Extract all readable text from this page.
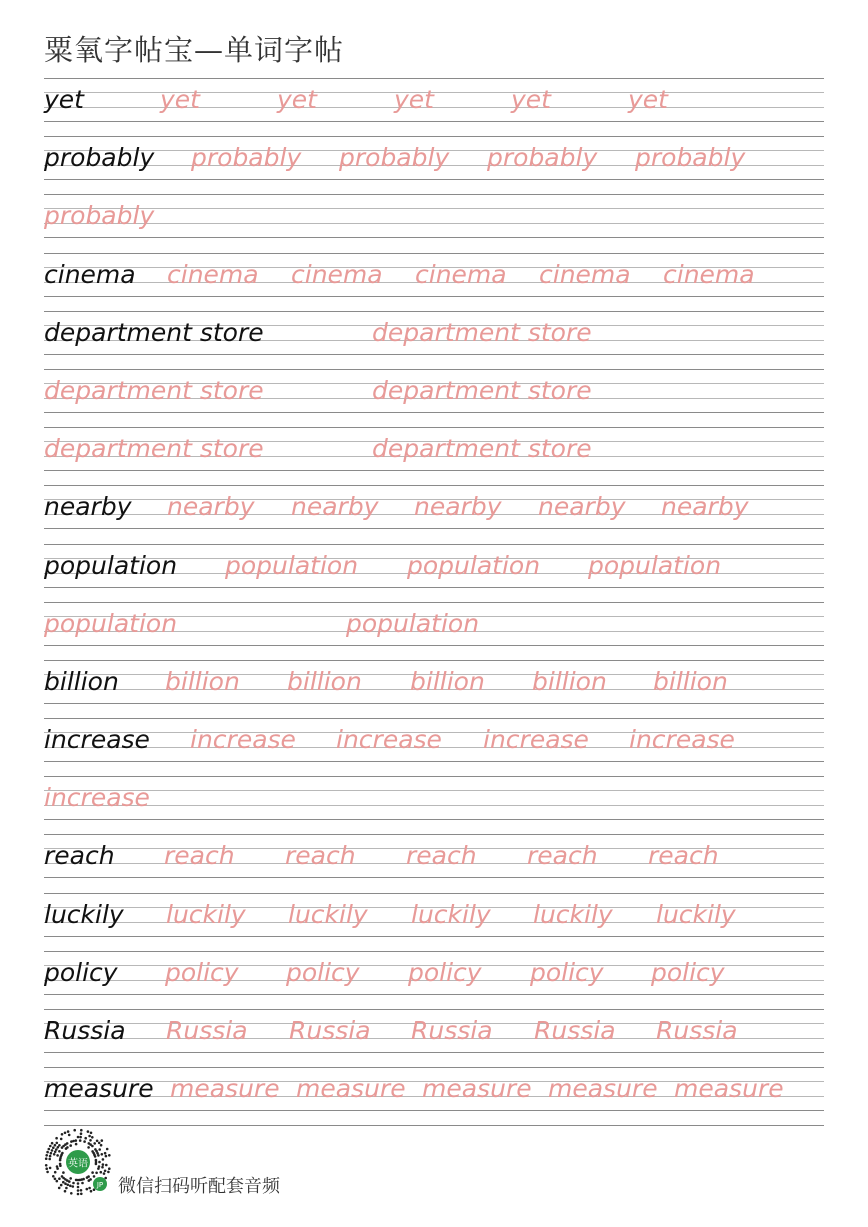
粟氧字帖宝—单词字帖
yet	yet	yet	yet	yet	yet
probably probably probably probably probably
probably
cinema cinema cinema cinema cinema cinema
department store	department store
department store	department store
department store	department store
nearby nearby nearby nearby nearby nearby
population population population population
population	population
billion billion billion billion billion billion
increase increase increase increase increase
increase
reach reach reach reach reach reach
luckily luckily luckily luckily luckily luckily
policy policy policy policy policy policy
Russia Russia Russia Russia Russia Russia
measure measure measure measure measure measure
英语
JP 微信扫码听配套音频
